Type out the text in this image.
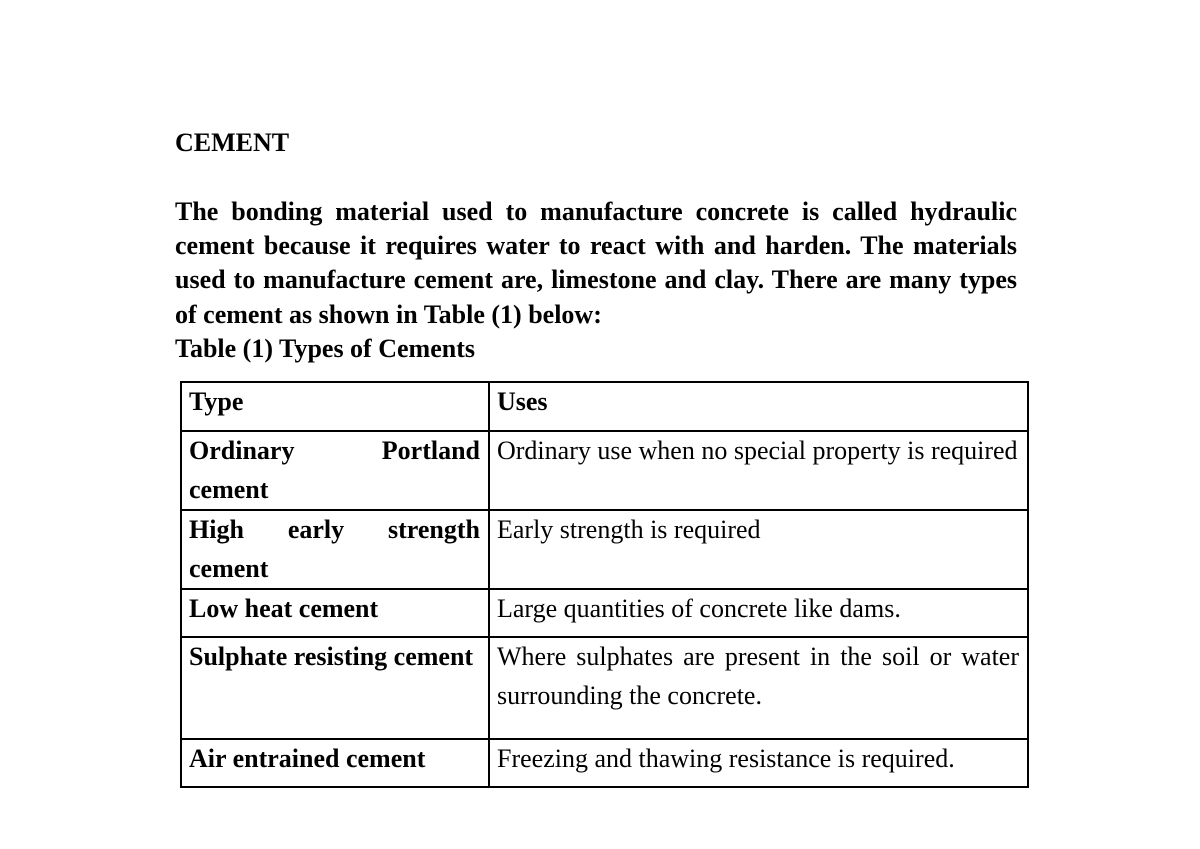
CEMENT

The bonding material used to manufacture concrete is called hydraulic cement because it requires water to react with and harden. The materials used to manufacture cement are, limestone and clay. There are many types of cement as shown in Table (1) below:

Table (1) Types of Cements

Type	Uses
Ordinary Portland cement	Ordinary use when no special property is required
High early strength cement	Early strength is required
Low heat cement	Large quantities of concrete like dams.
Sulphate resisting cement	Where sulphates are present in the soil or water surrounding the concrete.
Air entrained cement	Freezing and thawing resistance is required.
